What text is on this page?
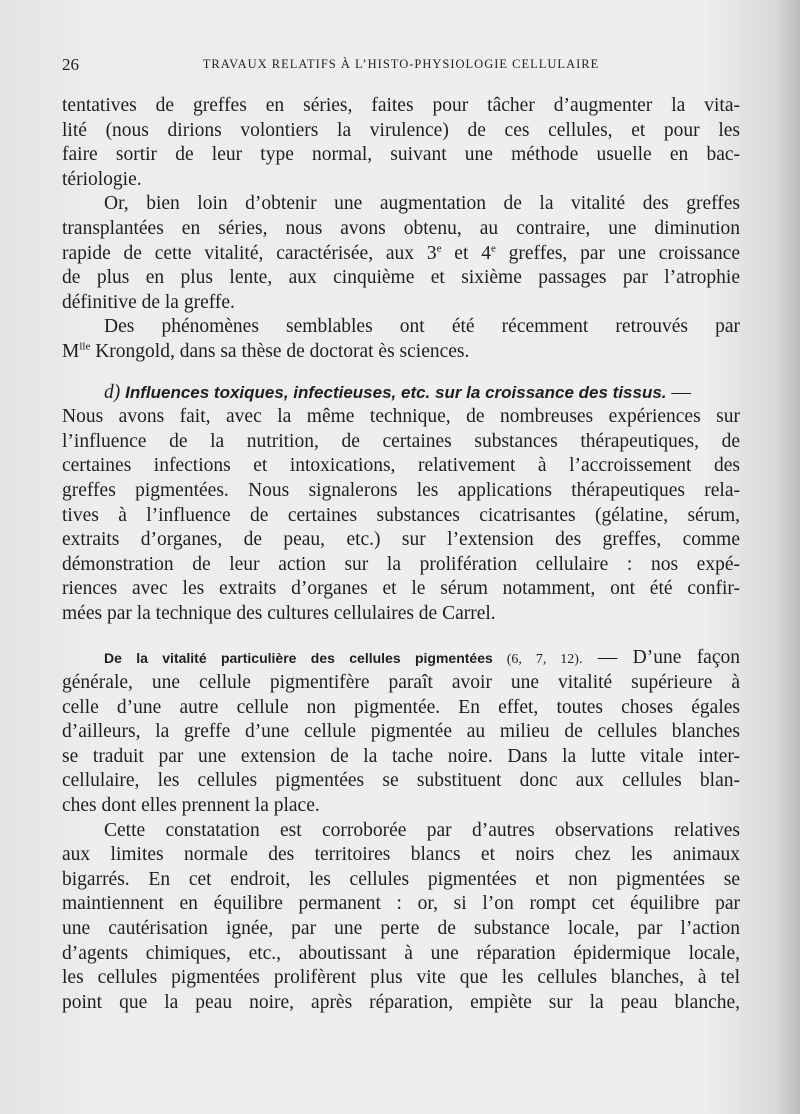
26	TRAVAUX RELATIFS À L’HISTO-PHYSIOLOGIE CELLULAIRE
tentatives de greffes en séries, faites pour tâcher d’augmenter la vita-
lité (nous dirions volontiers la virulence) de ces cellules, et pour les
faire sortir de leur type normal, suivant une méthode usuelle en bac-
tériologie.
Or, bien loin d’obtenir une augmentation de la vitalité des greffes
transplantées en séries, nous avons obtenu, au contraire, une diminution
rapide de cette vitalité, caractérisée, aux 3e et 4e greffes, par une croissance
de plus en plus lente, aux cinquième et sixième passages par l’atrophie
définitive de la greffe.
Des phénomènes semblables ont été récemment retrouvés par
$M^{lle}$ Krongold, dans sa thèse de doctorat ès sciences.
d) Influences toxiques, infectieuses, etc. sur la croissance des tissus. —
Nous avons fait, avec la même technique, de nombreuses expériences sur
l’influence de la nutrition, de certaines substances thérapeutiques, de
certaines infections et intoxications, relativement à l’accroissement des
greffes pigmentées. Nous signalerons les applications thérapeutiques rela-
tives à l’influence de certaines substances cicatrisantes (gélatine, sérum,
extraits d’organes, de peau, etc.) sur l’extension des greffes, comme
démonstration de leur action sur la prolifération cellulaire : nos expé-
riences avec les extraits d’organes et le sérum notamment, ont été confir-
mées par la technique des cultures cellulaires de Carrel.
De la vitalité particulière des cellules pigmentées (6, 7, 12). — D’une façon
générale, une cellule pigmentifère paraît avoir une vitalité supérieure à
celle d’une autre cellule non pigmentée. En effet, toutes choses égales
d’ailleurs, la greffe d’une cellule pigmentée au milieu de cellules blanches
se traduit par une extension de la tache noire. Dans la lutte vitale inter-
cellulaire, les cellules pigmentées se substituent donc aux cellules blan-
ches dont elles prennent la place.
Cette constatation est corroborée par d’autres observations relatives
aux limites normale des territoires blancs et noirs chez les animaux
bigarrés. En cet endroit, les cellules pigmentées et non pigmentées se
maintiennent en équilibre permanent : or, si l’on rompt cet équilibre par
une cautérisation ignée, par une perte de substance locale, par l’action
d’agents chimiques, etc., aboutissant à une réparation épidermique locale,
les cellules pigmentées prolifèrent plus vite que les cellules blanches, à tel
point que la peau noire, après réparation, empiète sur la peau blanche,
